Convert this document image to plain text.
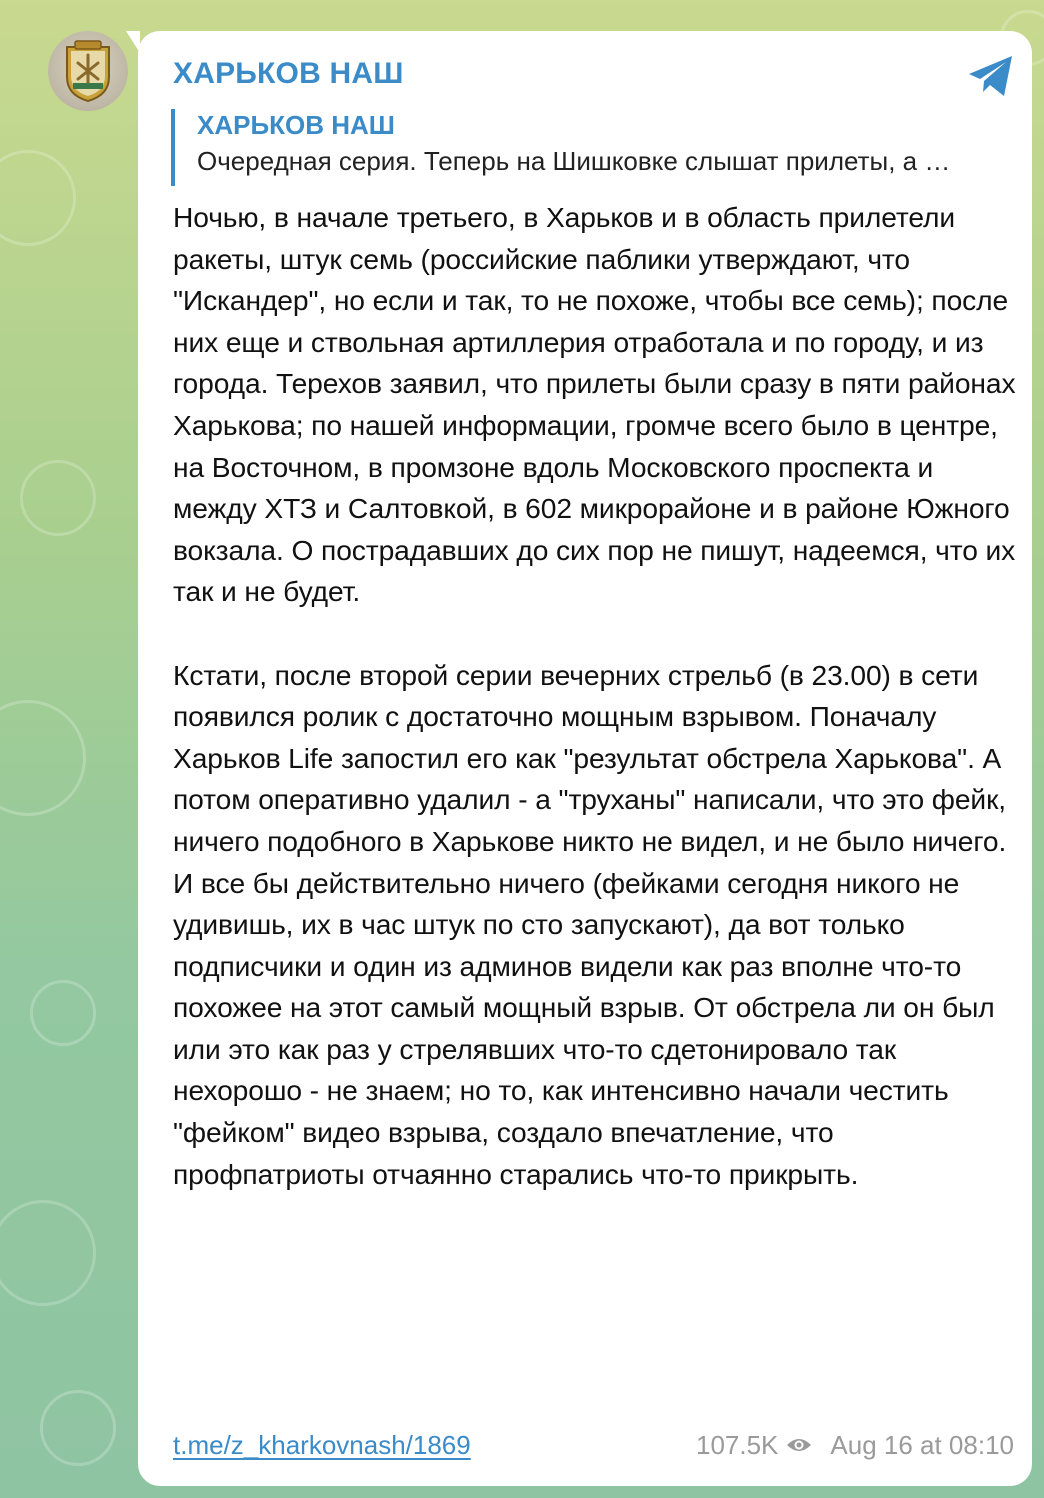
ХАРЬКОВ НАШ
ХАРЬКОВ НАШ
Очередная серия. Теперь на Шишковке слышат прилеты, а …
Ночью, в начале третьего, в Харьков и в область прилетели ракеты, штук семь (российские паблики утверждают, что "Искандер", но если и так, то не похоже, чтобы все семь); после них еще и ствольная артиллерия отработала и по городу, и из города. Терехов заявил, что прилеты были сразу в пяти районах Харькова; по нашей информации, громче всего было в центре, на Восточном, в промзоне вдоль Московского проспекта и между ХТЗ и Салтовкой, в 602 микрорайоне и в районе Южного вокзала. О пострадавших до сих пор не пишут, надеемся, что их так и не будет.

Кстати, после второй серии вечерних стрельб (в 23.00) в сети появился ролик с достаточно мощным взрывом. Поначалу Харьков Life запостил его как "результат обстрела Харькова". А потом оперативно удалил - а "труханы" написали, что это фейк, ничего подобного в Харькове никто не видел, и не было ничего. И все бы действительно ничего (фейками сегодня никого не удивишь, их в час штук по сто запускают), да вот только подписчики и один из админов видели как раз вполне что-то похожее на этот самый мощный взрыв. От обстрела ли он был или это как раз у стрелявших что-то сдетонировало так нехорошо - не знаем; но то, как интенсивно начали честить "фейком" видео взрыва, создало впечатление, что профпатриоты отчаянно старались что-то прикрыть.
t.me/z_kharkovnash/1869	107.5K Aug 16 at 08:10
